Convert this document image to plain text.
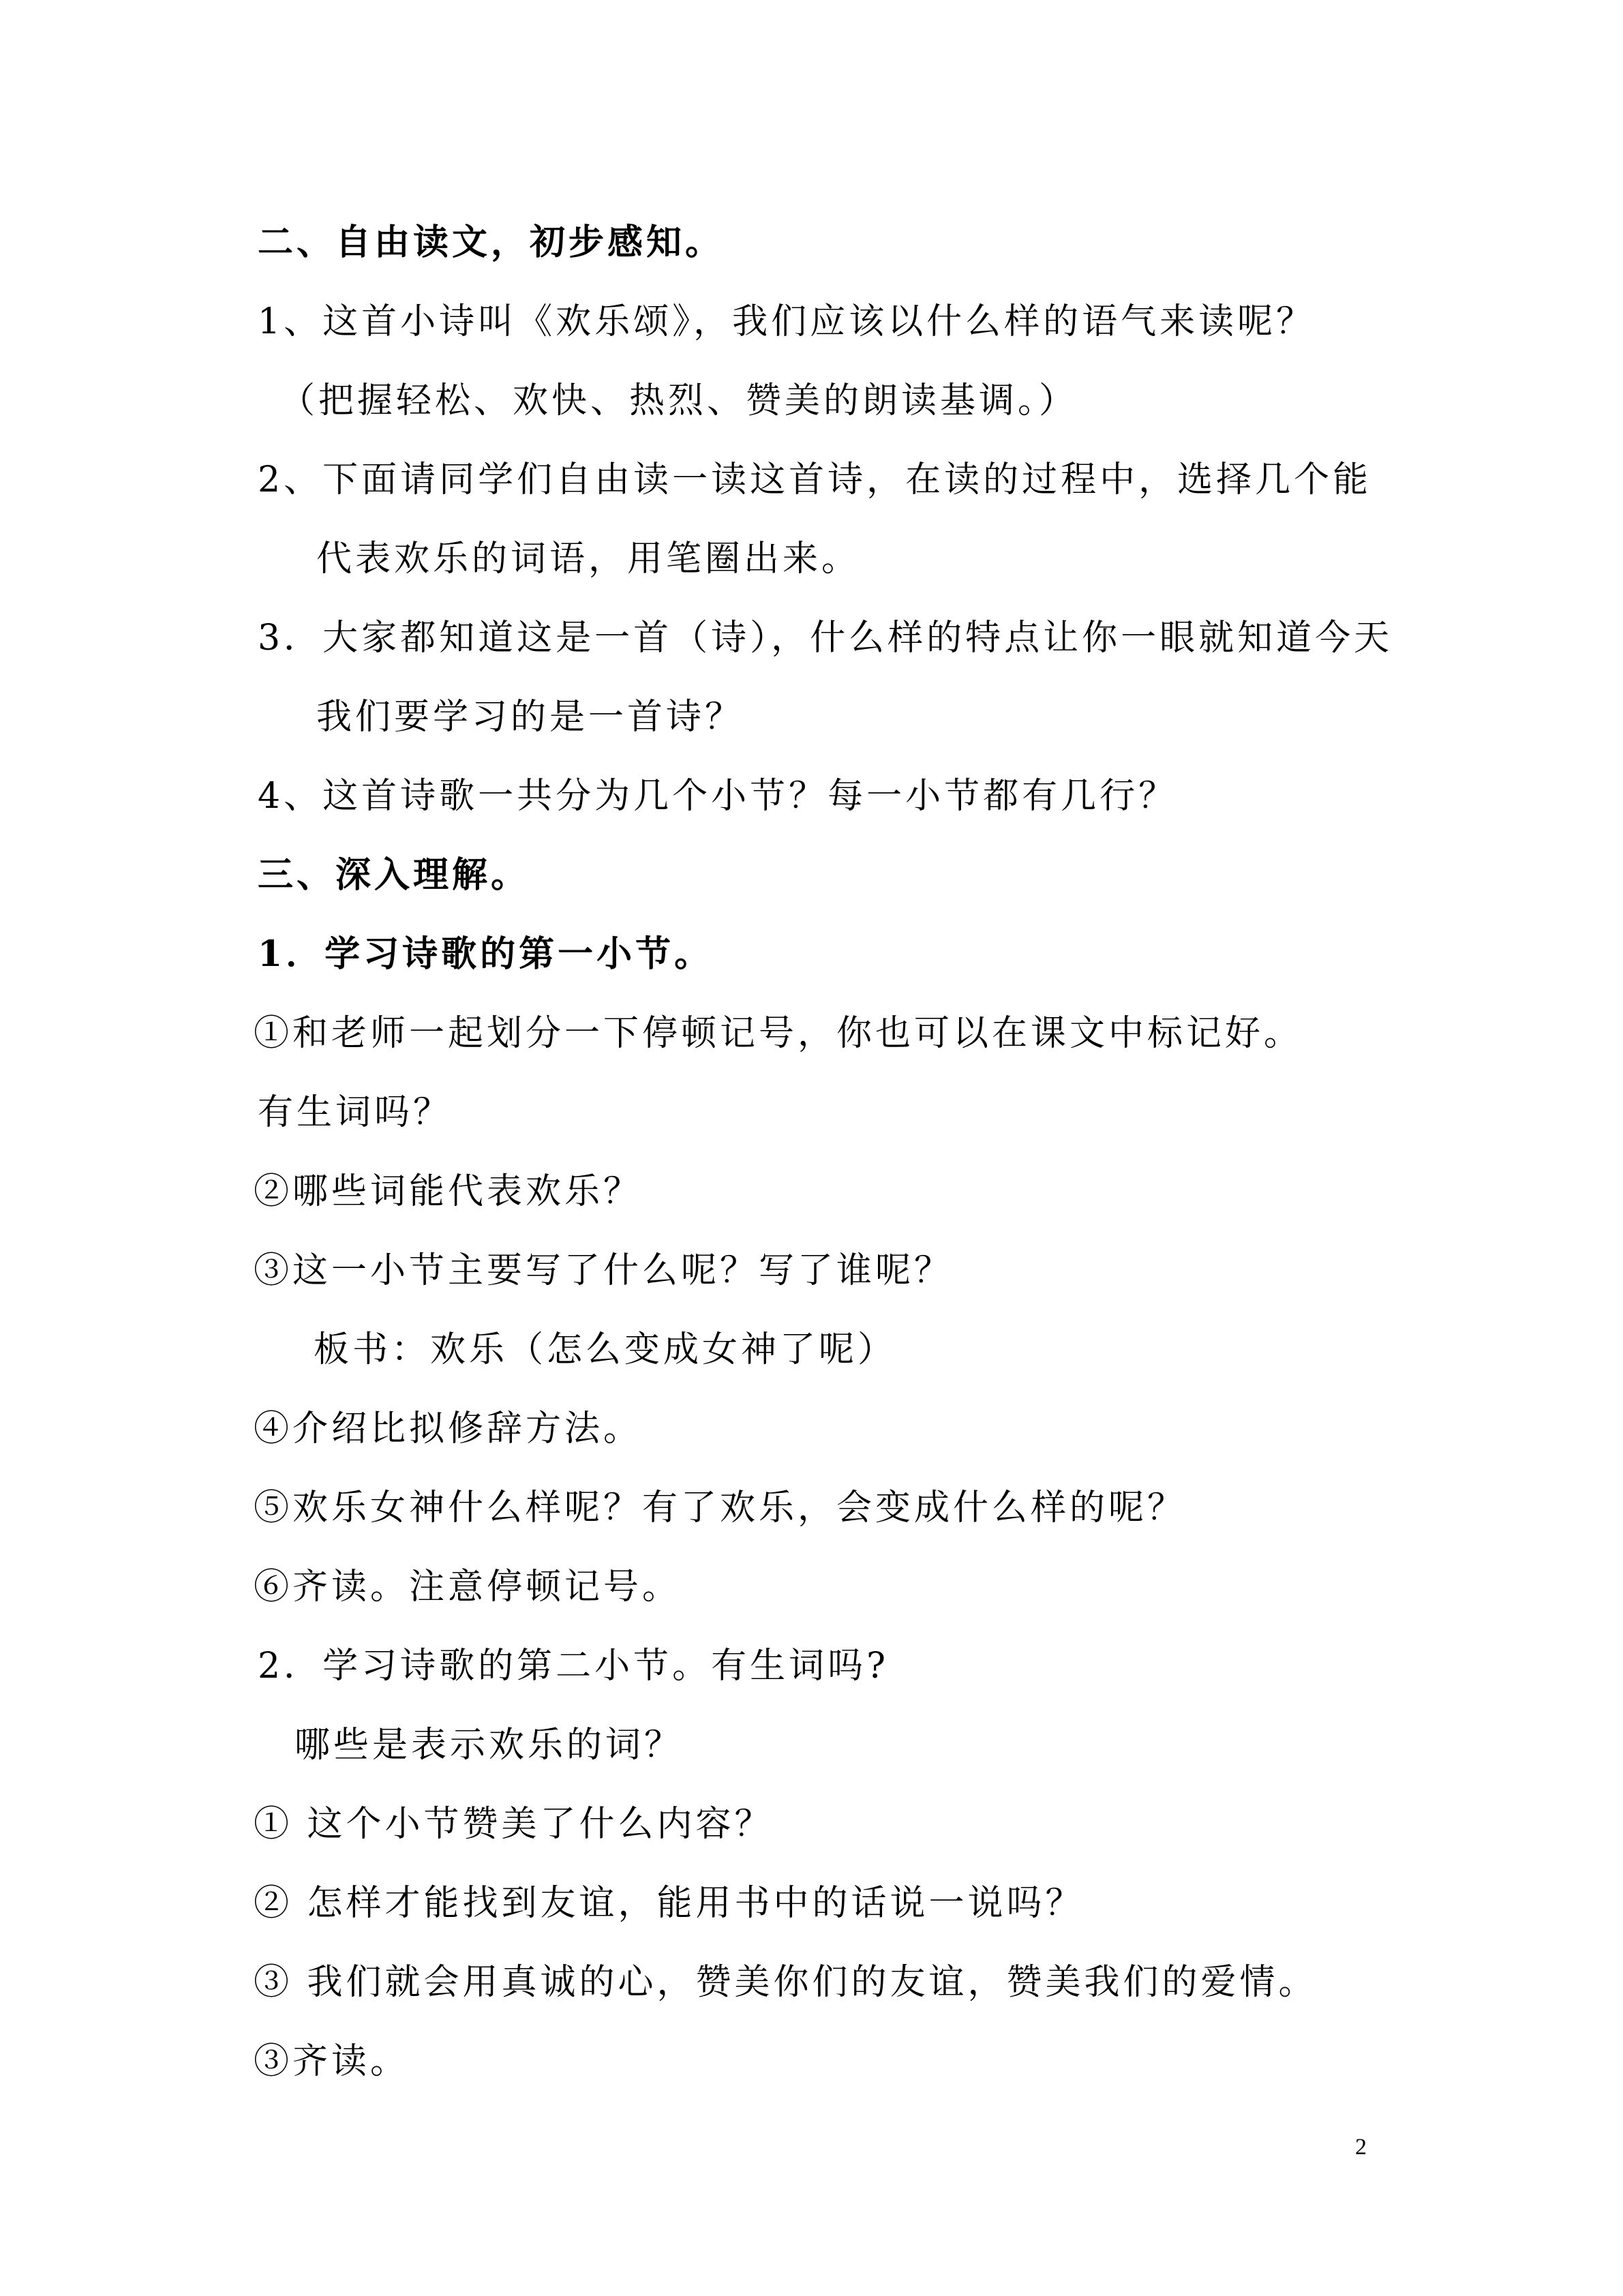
二、自由读文，初步感知。
1、这首小诗叫《欢乐颂》，我们应该以什么样的语气来读呢？
（把握轻松、欢快、热烈、赞美的朗读基调。）
2、下面请同学们自由读一读这首诗，在读的过程中，选择几个能
代表欢乐的词语，用笔圈出来。
3．大家都知道这是一首（诗），什么样的特点让你一眼就知道今天
我们要学习的是一首诗？
4、这首诗歌一共分为几个小节？每一小节都有几行？
三、深入理解。
1．学习诗歌的第一小节。
①和老师一起划分一下停顿记号，你也可以在课文中标记好。
有生词吗？
②哪些词能代表欢乐？
③这一小节主要写了什么呢？写了谁呢？
板书：欢乐（怎么变成女神了呢）
④介绍比拟修辞方法。
⑤欢乐女神什么样呢？有了欢乐，会变成什么样的呢？
⑥齐读。注意停顿记号。
2．学习诗歌的第二小节。有生词吗?
哪些是表示欢乐的词？
① 这个小节赞美了什么内容？
② 怎样才能找到友谊，能用书中的话说一说吗？
③ 我们就会用真诚的心，赞美你们的友谊，赞美我们的爱情。
③齐读。
2
